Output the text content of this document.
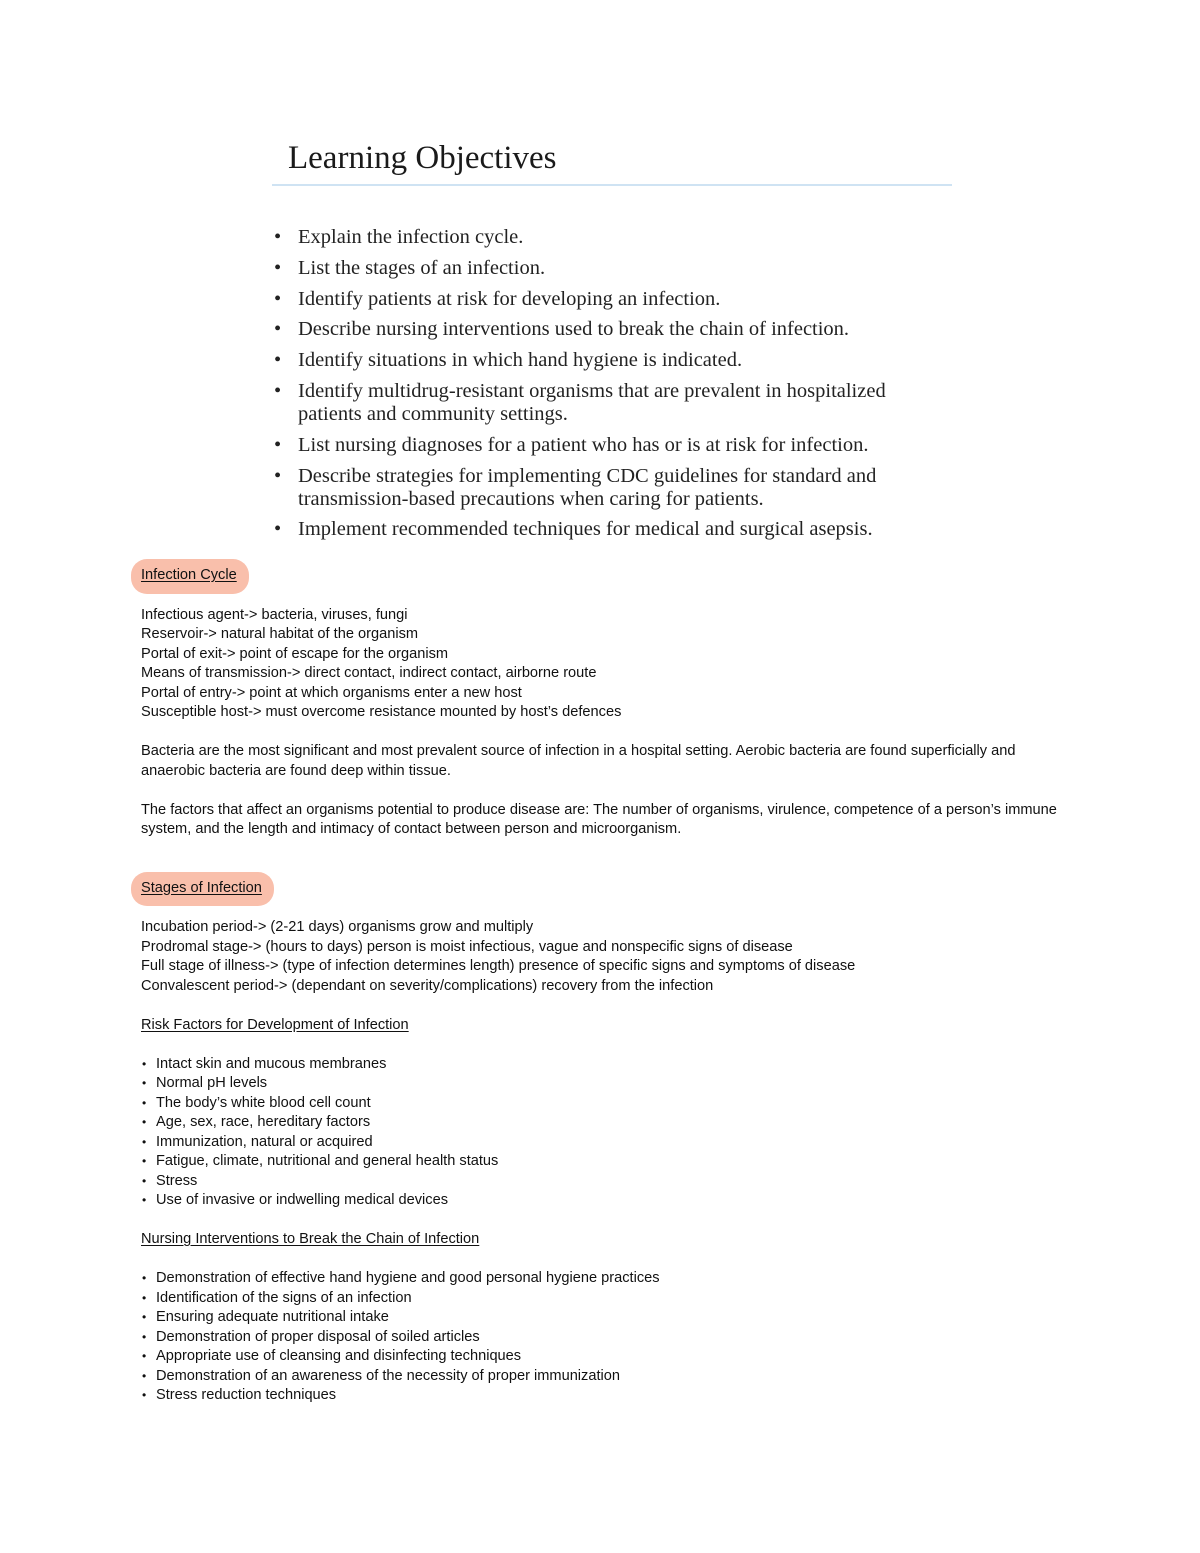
Learning Objectives
• Explain the infection cycle.
• List the stages of an infection.
• Identify patients at risk for developing an infection.
• Describe nursing interventions used to break the chain of infection.
• Identify situations in which hand hygiene is indicated.
• Identify multidrug-resistant organisms that are prevalent in hospitalized patients and community settings.
• List nursing diagnoses for a patient who has or is at risk for infection.
• Describe strategies for implementing CDC guidelines for standard and transmission-based precautions when caring for patients.
• Implement recommended techniques for medical and surgical asepsis.

Infection Cycle

Infectious agent-> bacteria, viruses, fungi
Reservoir-> natural habitat of the organism
Portal of exit-> point of escape for the organism
Means of transmission-> direct contact, indirect contact, airborne route
Portal of entry-> point at which organisms enter a new host
Susceptible host-> must overcome resistance mounted by host’s defences

Bacteria are the most significant and most prevalent source of infection in a hospital setting. Aerobic bacteria are found superficially and anaerobic bacteria are found deep within tissue.

The factors that affect an organisms potential to produce disease are: The number of organisms, virulence, competence of a person’s immune system, and the length and intimacy of contact between person and microorganism.

Stages of Infection

Incubation period-> (2-21 days) organisms grow and multiply
Prodromal stage-> (hours to days) person is moist infectious, vague and nonspecific signs of disease
Full stage of illness-> (type of infection determines length) presence of specific signs and symptoms of disease
Convalescent period-> (dependant on severity/complications) recovery from the infection

Risk Factors for Development of Infection

• Intact skin and mucous membranes
• Normal pH levels
• The body’s white blood cell count
• Age, sex, race, hereditary factors
• Immunization, natural or acquired
• Fatigue, climate, nutritional and general health status
• Stress
• Use of invasive or indwelling medical devices

Nursing Interventions to Break the Chain of Infection

• Demonstration of effective hand hygiene and good personal hygiene practices
• Identification of the signs of an infection
• Ensuring adequate nutritional intake
• Demonstration of proper disposal of soiled articles
• Appropriate use of cleansing and disinfecting techniques
• Demonstration of an awareness of the necessity of proper immunization
• Stress reduction techniques
